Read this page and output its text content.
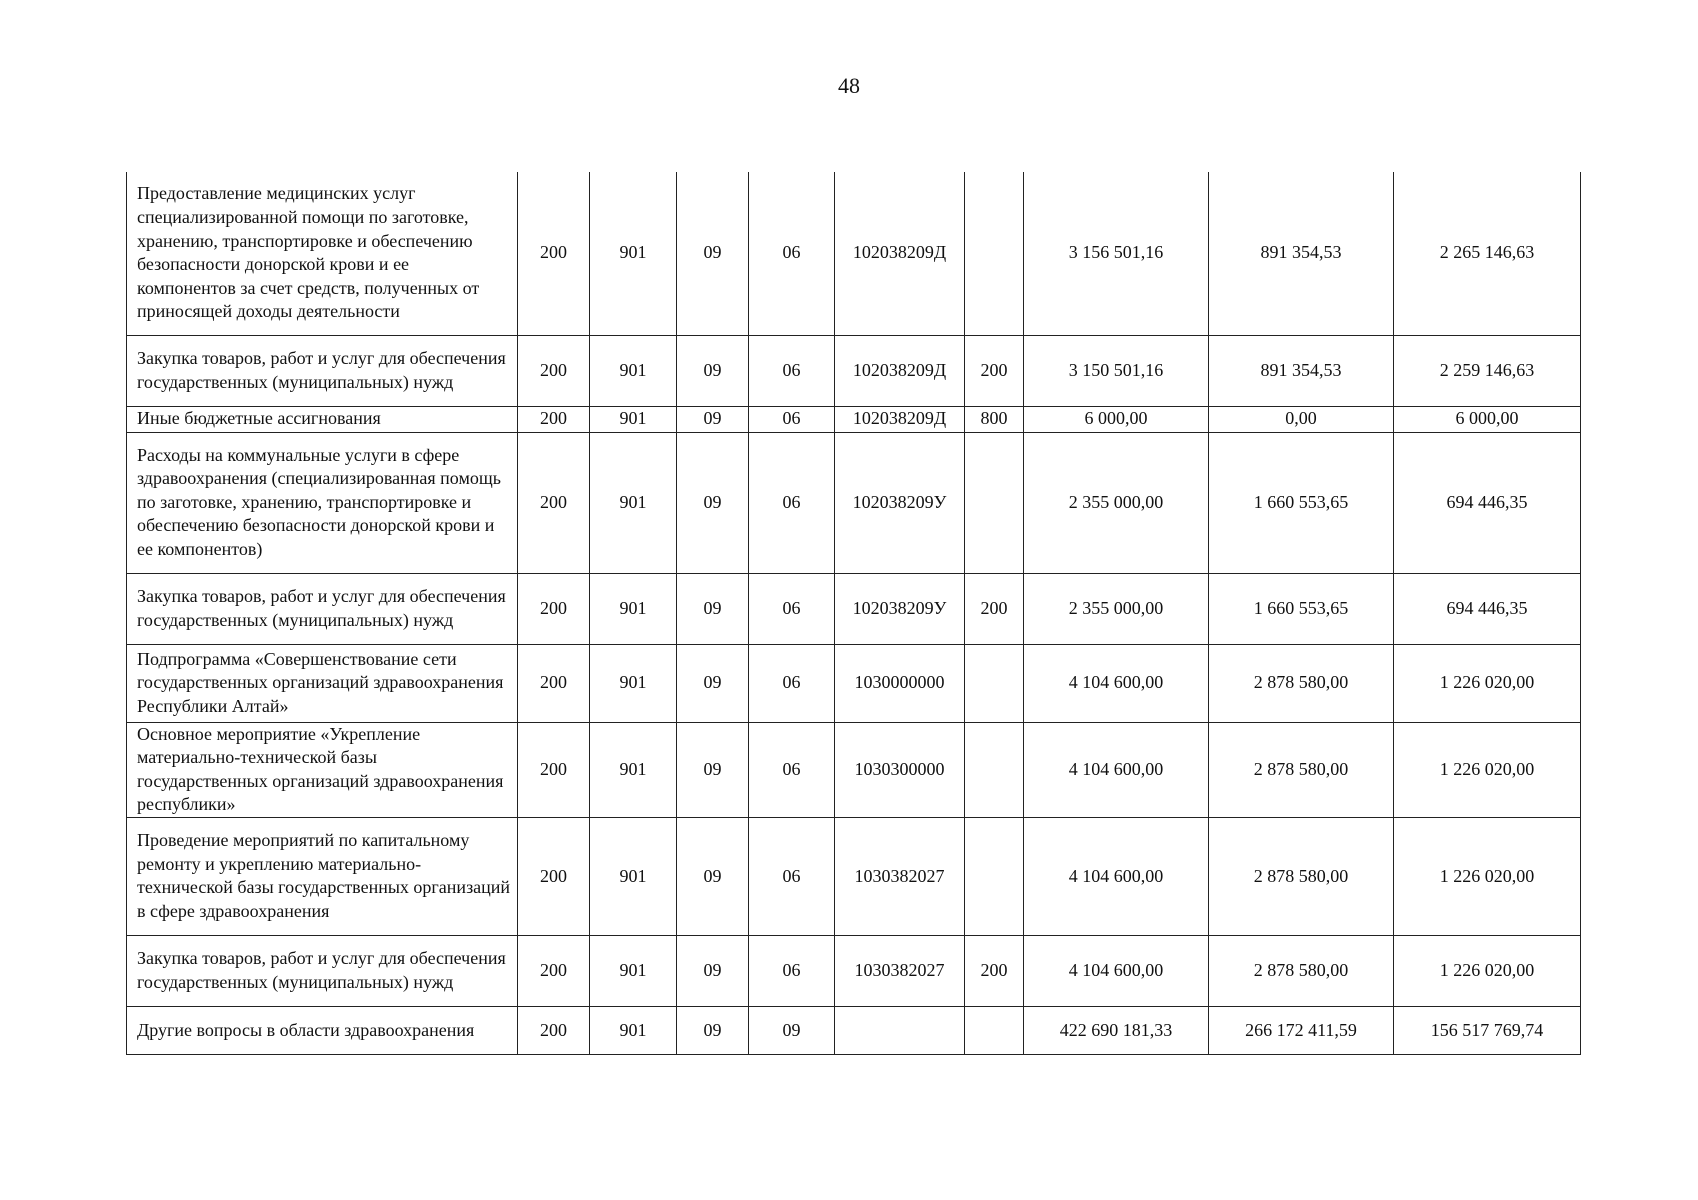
48
Предоставление медицинских услуг специализированной помощи по заготовке, хранению, транспортировке и обеспечению безопасности донорской крови и ее компонентов за счет средств, полученных от приносящей доходы деятельности	200	901	09	06	102038209Д		3 156 501,16	891 354,53	2 265 146,63
Закупка товаров, работ и услуг для обеспечения государственных (муниципальных) нужд	200	901	09	06	102038209Д	200	3 150 501,16	891 354,53	2 259 146,63
Иные бюджетные ассигнования	200	901	09	06	102038209Д	800	6 000,00	0,00	6 000,00
Расходы на коммунальные услуги в сфере здравоохранения (специализированная помощь по заготовке, хранению, транспортировке и обеспечению безопасности донорской крови и ее компонентов)	200	901	09	06	102038209У		2 355 000,00	1 660 553,65	694 446,35
Закупка товаров, работ и услуг для обеспечения государственных (муниципальных) нужд	200	901	09	06	102038209У	200	2 355 000,00	1 660 553,65	694 446,35
Подпрограмма «Совершенствование сети государственных организаций здравоохранения Республики Алтай»	200	901	09	06	1030000000		4 104 600,00	2 878 580,00	1 226 020,00
Основное мероприятие «Укрепление материально-технической базы государственных организаций здравоохранения республики»	200	901	09	06	1030300000		4 104 600,00	2 878 580,00	1 226 020,00
Проведение мероприятий по капитальному ремонту и укреплению материально-технической базы государственных организаций в сфере здравоохранения	200	901	09	06	1030382027		4 104 600,00	2 878 580,00	1 226 020,00
Закупка товаров, работ и услуг для обеспечения государственных (муниципальных) нужд	200	901	09	06	1030382027	200	4 104 600,00	2 878 580,00	1 226 020,00
Другие вопросы в области здравоохранения	200	901	09	09			422 690 181,33	266 172 411,59	156 517 769,74
